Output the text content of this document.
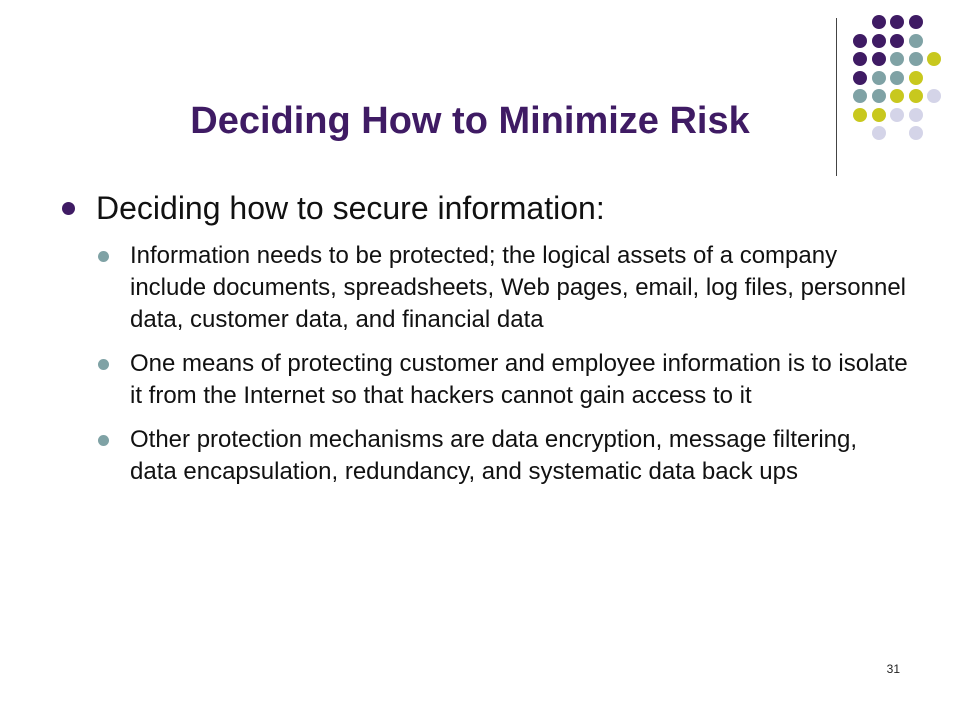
Deciding How to Minimize Risk
Deciding how to secure information:
Information needs to be protected; the logical assets of a company include documents, spreadsheets, Web pages, email, log files, personnel data, customer data, and financial data
One means of protecting customer and employee information is to isolate it from the Internet so that hackers cannot gain access to it
Other protection mechanisms are data encryption, message filtering, data encapsulation, redundancy, and systematic data back ups
31
